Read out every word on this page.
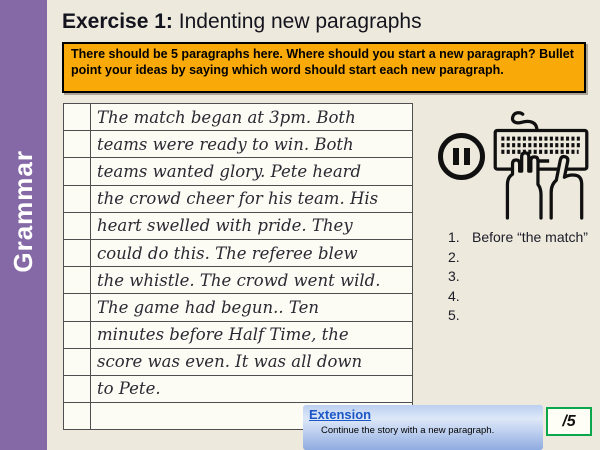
Grammar
Exercise 1: Indenting new paragraphs
There should be 5 paragraphs here. Where should you start a new paragraph? Bullet point your ideas by saying which word should start each new paragraph.
	The match began at 3pm. Both
	teams were ready to win. Both
	teams wanted glory. Pete heard
	the crowd cheer for his team. His
	heart swelled with pride. They
	could do this. The referee blew
	the whistle. The crowd went wild.
	The game had begun.. Ten
	minutes before Half Time, the
	score was even. It was all down
	to Pete.

1. Before “the match”
2.
3.
4.
5.
Extension
Continue the story with a new paragraph.
/5
